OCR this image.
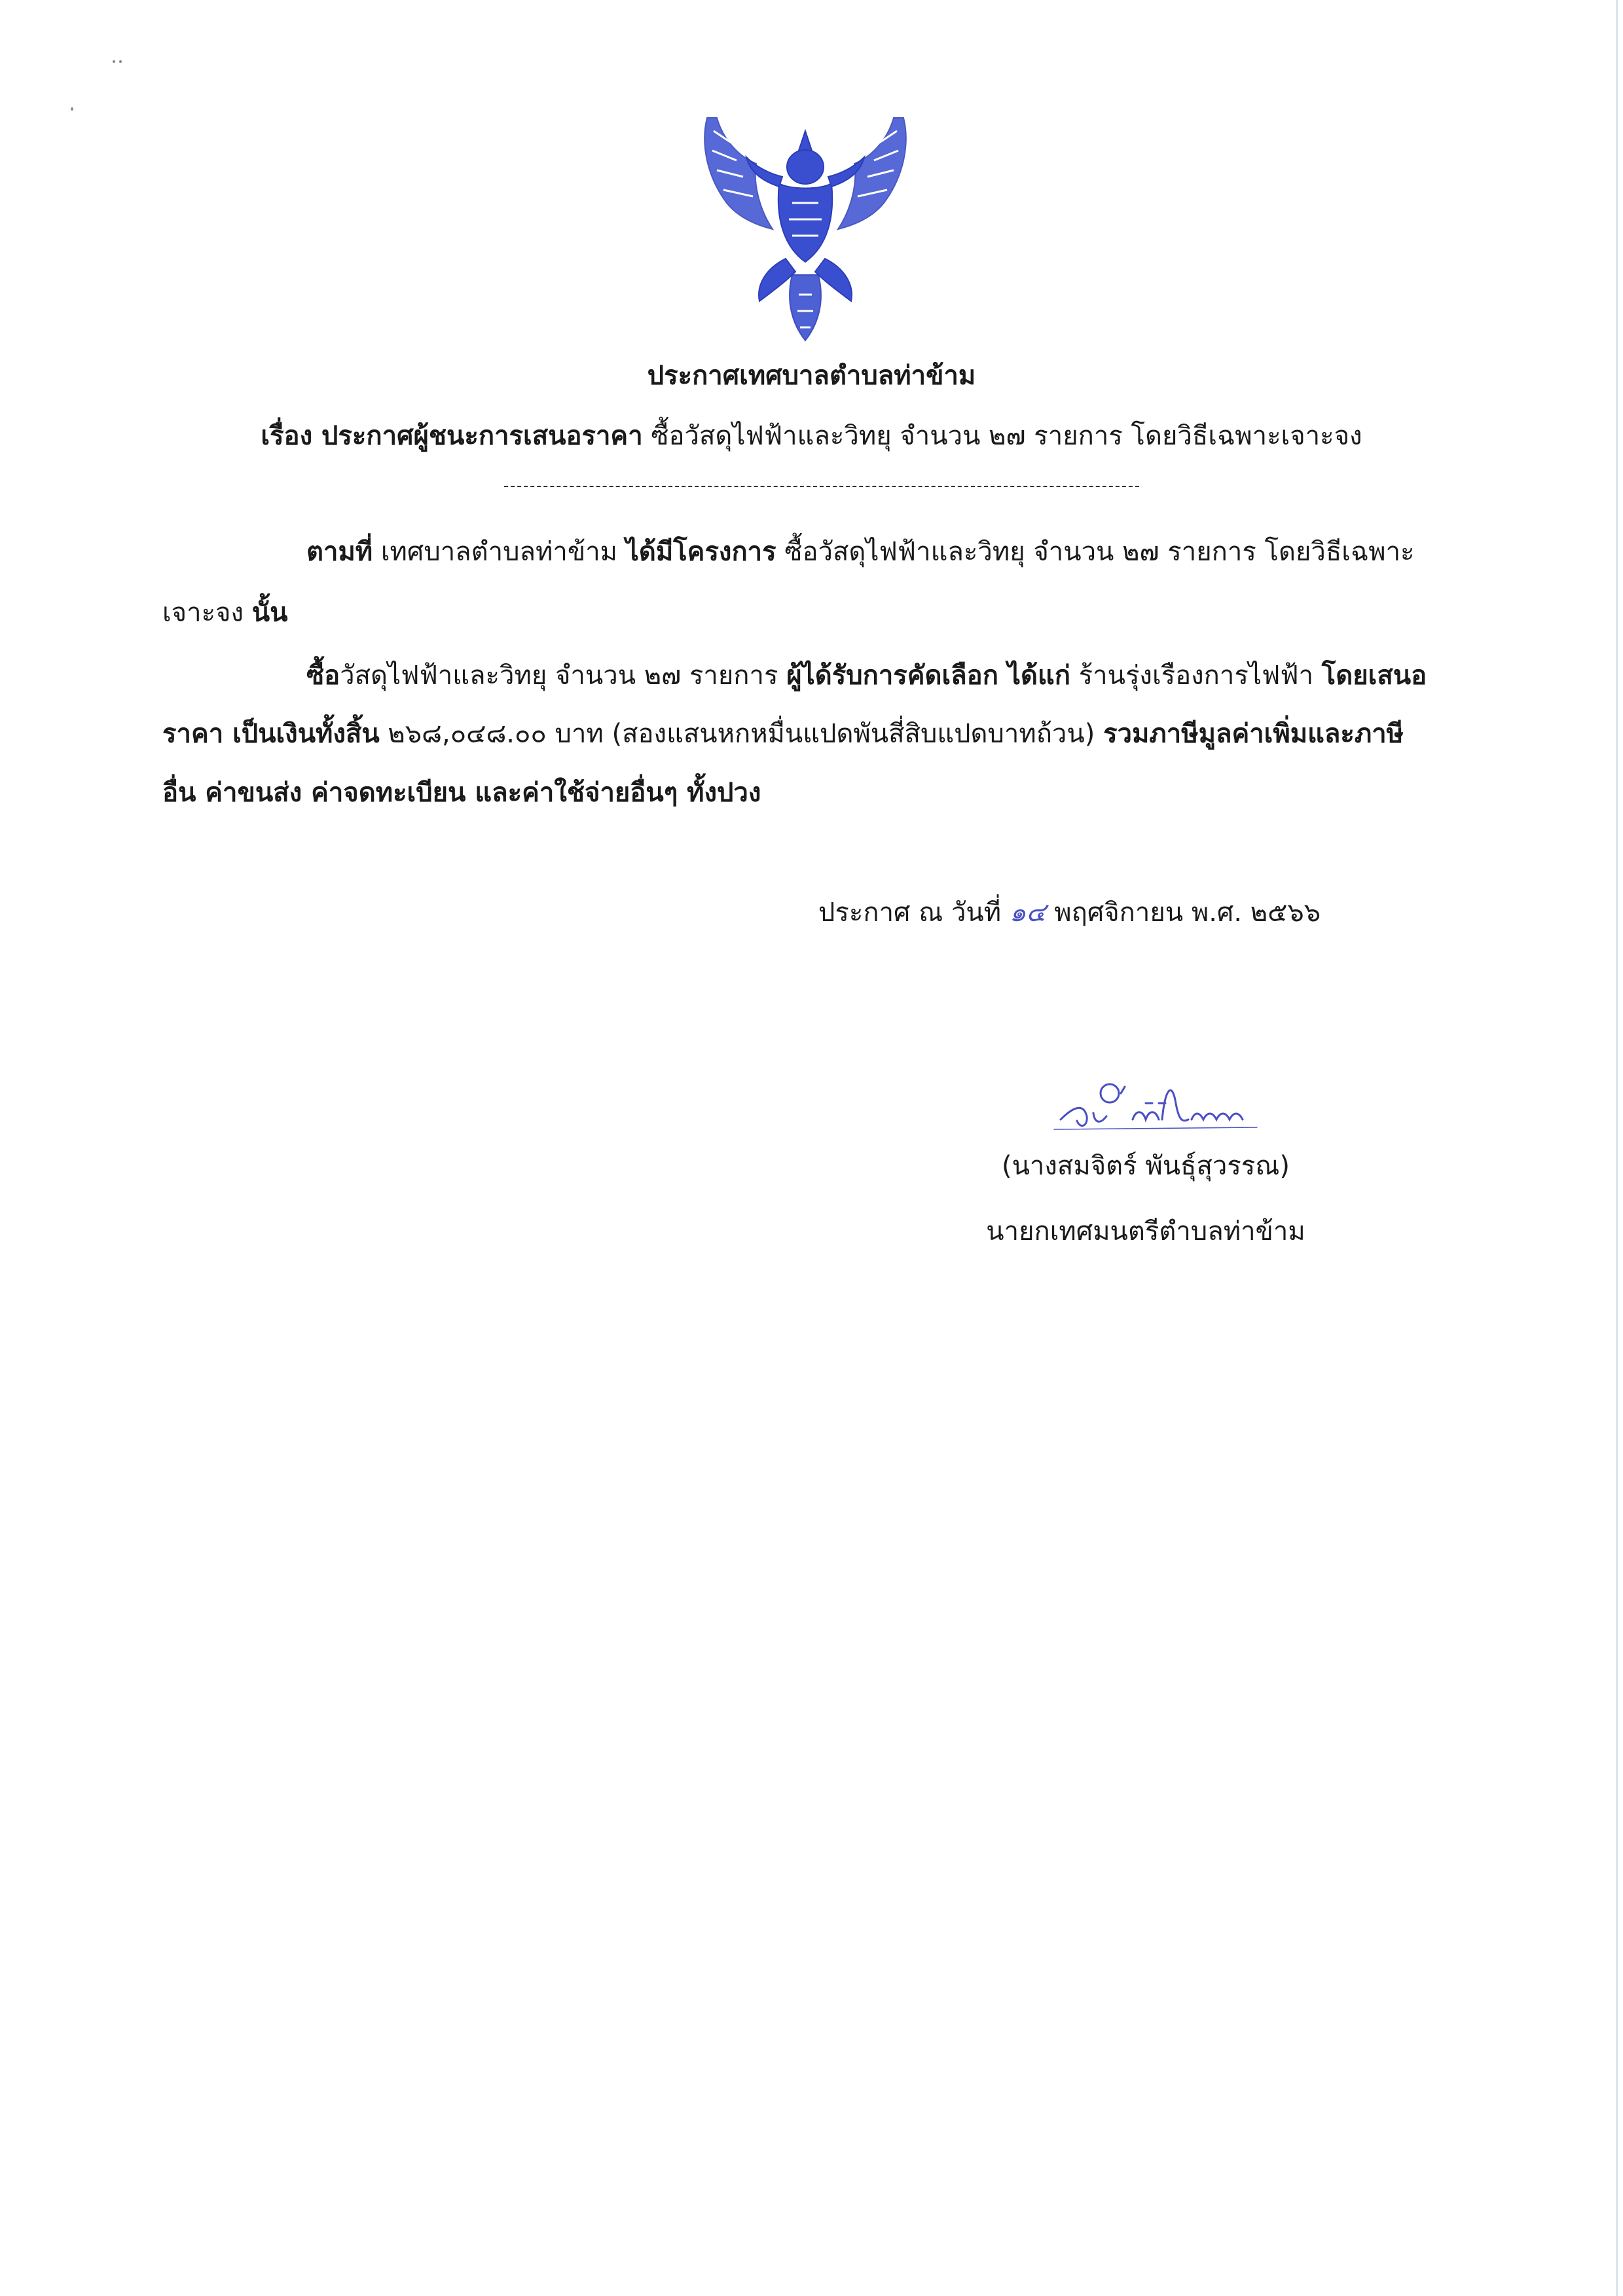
ประกาศเทศบาลตำบลท่าข้าม
เรื่อง ประกาศผู้ชนะการเสนอราคา ซื้อวัสดุไฟฟ้าและวิทยุ จำนวน ๒๗ รายการ โดยวิธีเฉพาะเจาะจง
ตามที่ เทศบาลตำบลท่าข้าม ได้มีโครงการ ซื้อวัสดุไฟฟ้าและวิทยุ จำนวน ๒๗ รายการ โดยวิธีเฉพาะ
เจาะจง นั้น
ซื้อวัสดุไฟฟ้าและวิทยุ จำนวน ๒๗ รายการ ผู้ได้รับการคัดเลือก ได้แก่ ร้านรุ่งเรืองการไฟฟ้า โดยเสนอ
ราคา เป็นเงินทั้งสิ้น ๒๖๘,๐๔๘.๐๐ บาท (สองแสนหกหมื่นแปดพันสี่สิบแปดบาทถ้วน) รวมภาษีมูลค่าเพิ่มและภาษี
อื่น ค่าขนส่ง ค่าจดทะเบียน และค่าใช้จ่ายอื่นๆ ทั้งปวง
ประกาศ ณ วันที่ ๑๔ พฤศจิกายน พ.ศ. ๒๕๖๖
(นางสมจิตร์ พันธุ์สุวรรณ)
นายกเทศมนตรีตำบลท่าข้าม
